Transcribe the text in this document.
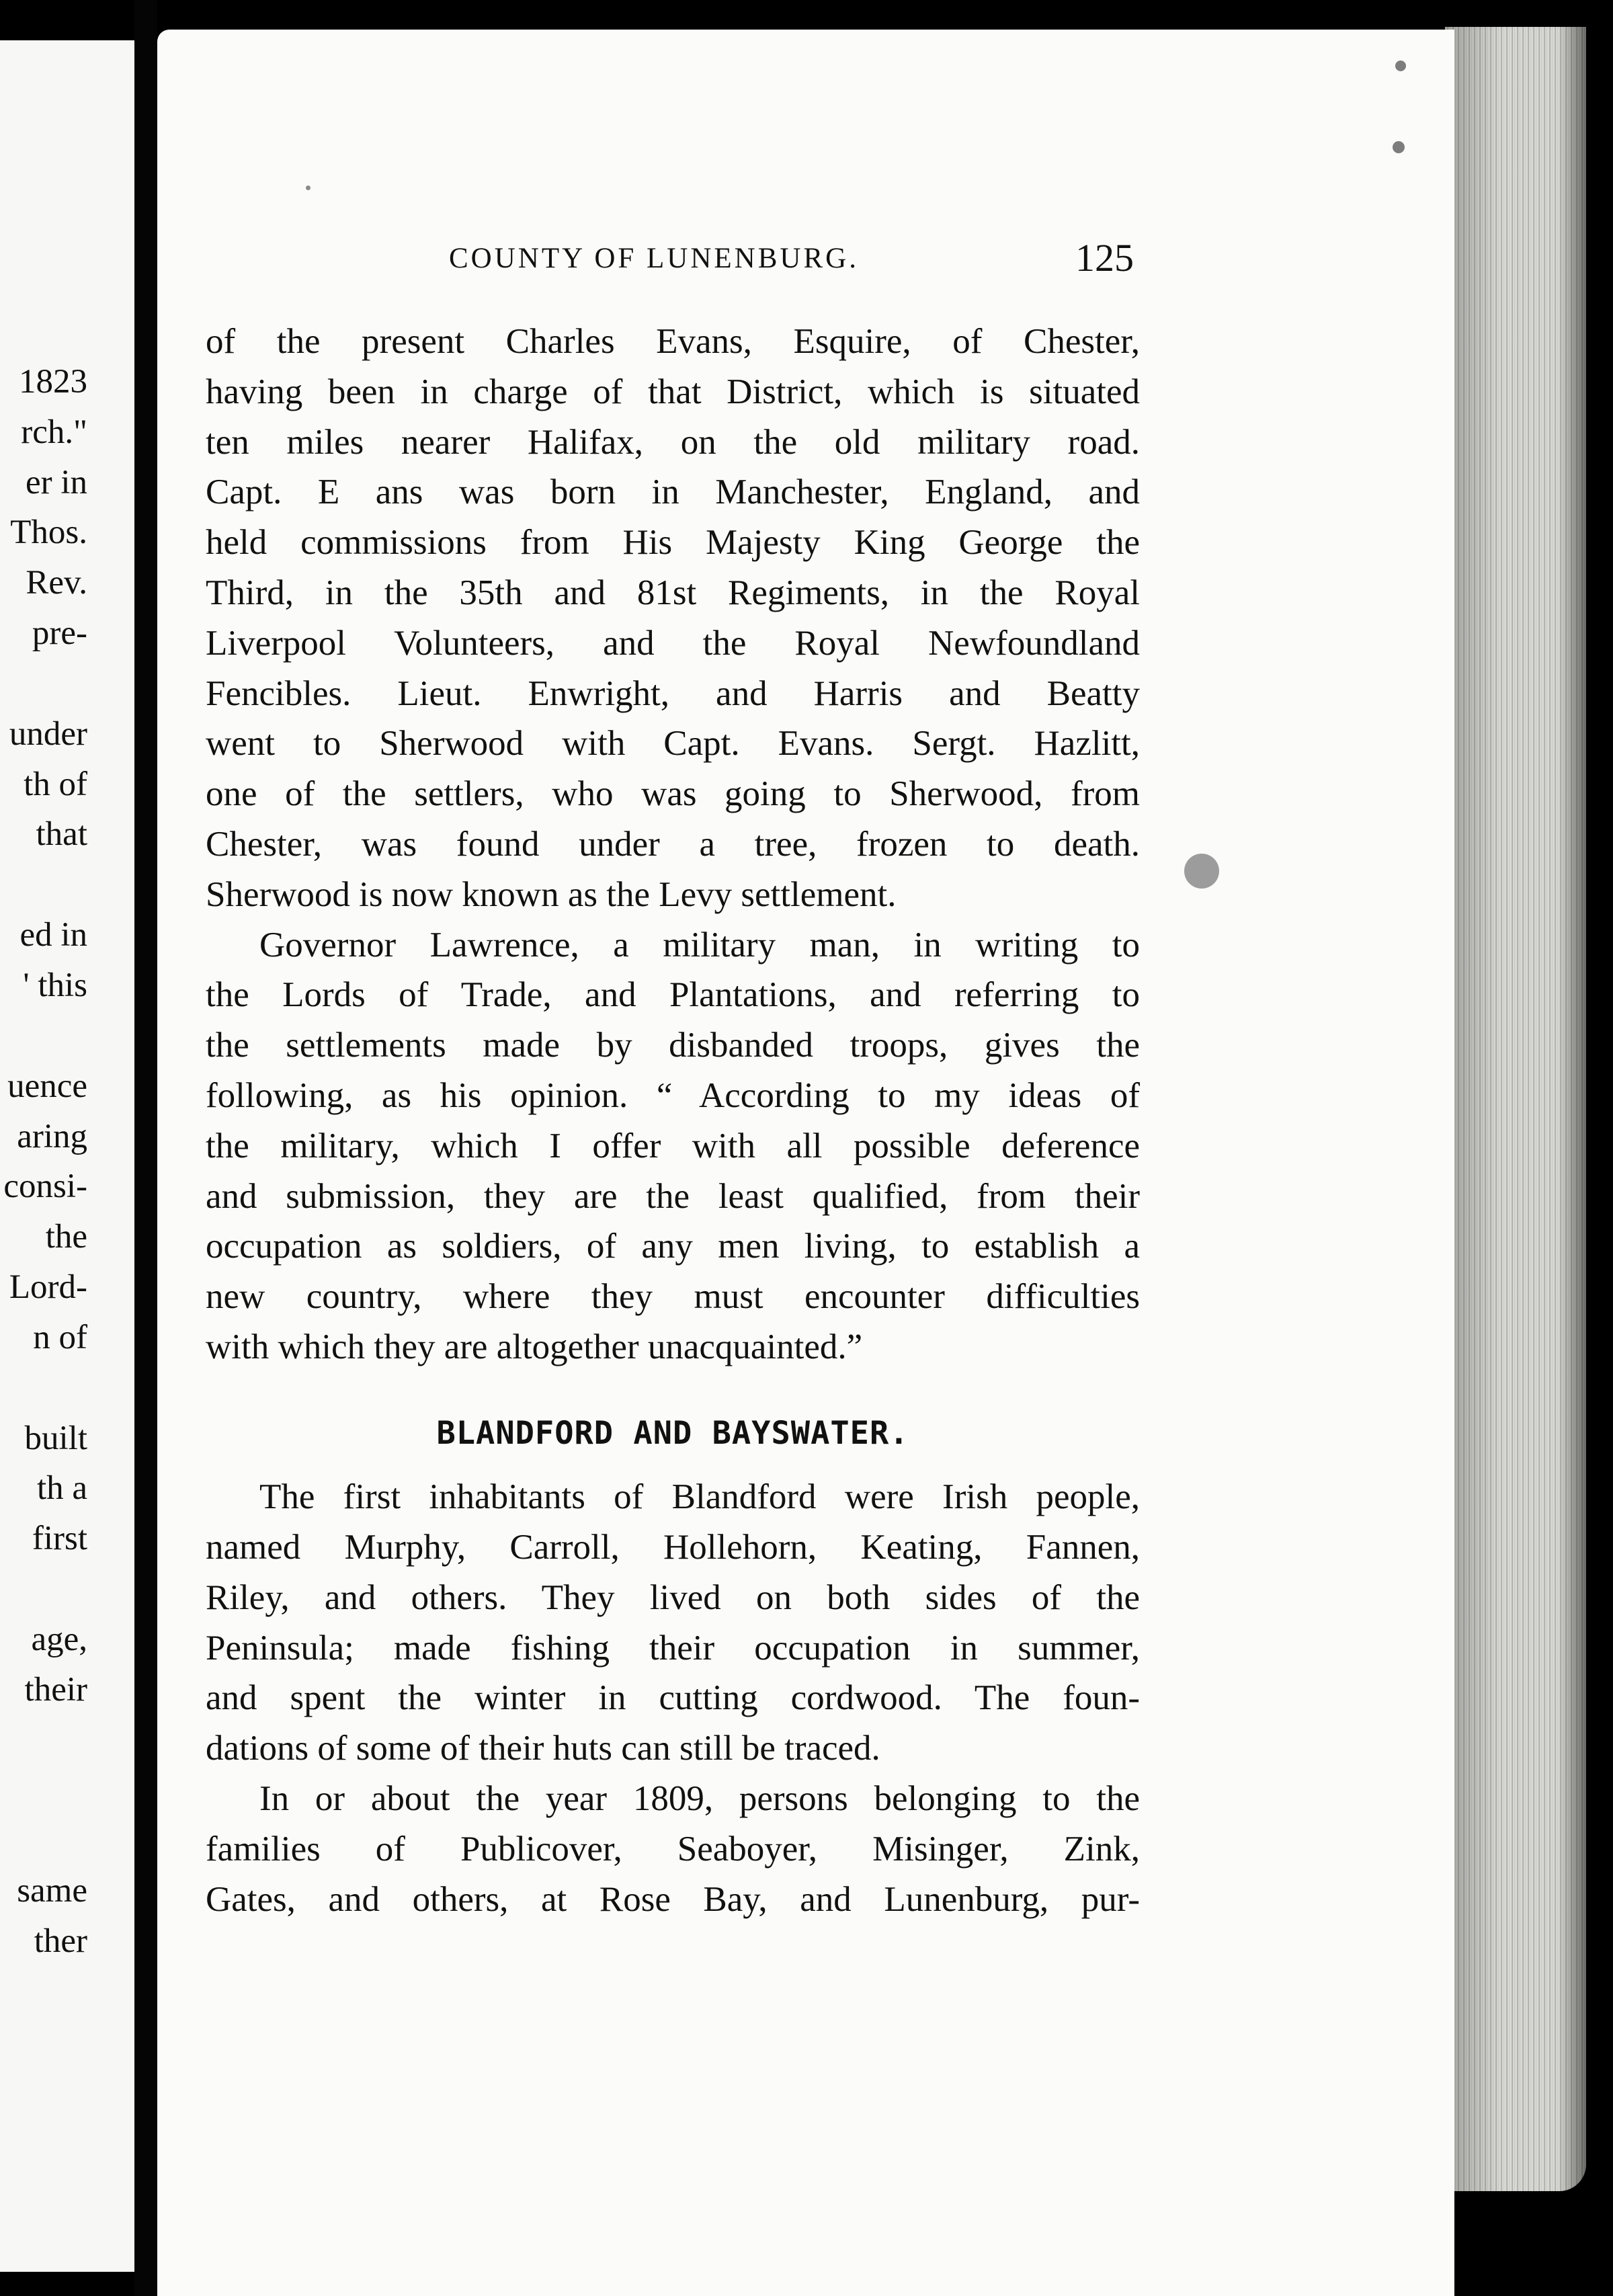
1823
rch."
er in
Thos.
Rev.
pre-
under
th of
that
ed in
' this
uence
aring
consi-
the
Lord-
n of
built
th a
first
age,
their
same
ther
COUNTY OF LUNENBURG.	125
of the present Charles Evans, Esquire, of Chester,
having been in charge of that District, which is situated
ten miles nearer Halifax, on the old military road.
Capt. E ans was born in Manchester, England, and
held commissions from His Majesty King George the
Third, in the 35th and 81st Regiments, in the Royal
Liverpool Volunteers, and the Royal Newfoundland
Fencibles. Lieut. Enwright, and Harris and Beatty
went to Sherwood with Capt. Evans. Sergt. Hazlitt,
one of the settlers, who was going to Sherwood, from
Chester, was found under a tree, frozen to death.
Sherwood is now known as the Levy settlement.
Governor Lawrence, a military man, in writing to
the Lords of Trade, and Plantations, and referring to
the settlements made by disbanded troops, gives the
following, as his opinion. “ According to my ideas of
the military, which I offer with all possible deference
and submission, they are the least qualified, from their
occupation as soldiers, of any men living, to establish a
new country, where they must encounter difficulties
with which they are altogether unacquainted.”
BLANDFORD AND BAYSWATER.
The first inhabitants of Blandford were Irish people,
named Murphy, Carroll, Hollehorn, Keating, Fannen,
Riley, and others. They lived on both sides of the
Peninsula; made fishing their occupation in summer,
and spent the winter in cutting cordwood. The foun-
dations of some of their huts can still be traced.
In or about the year 1809, persons belonging to the
families of Publicover, Seaboyer, Misinger, Zink,
Gates, and others, at Rose Bay, and Lunenburg, pur-
